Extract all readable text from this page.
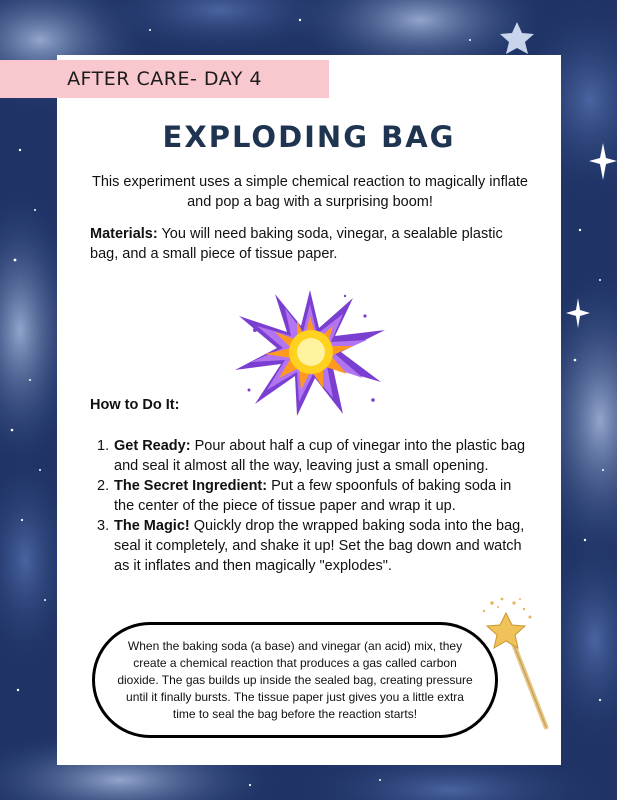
AFTER CARE- DAY 4
EXPLODING BAG
This experiment uses a simple chemical reaction to magically inflate and pop a bag with a surprising boom!
Materials: You will need baking soda, vinegar, a sealable plastic bag, and a small piece of tissue paper.
How to Do It:
1. Get Ready: Pour about half a cup of vinegar into the plastic bag and seal it almost all the way, leaving just a small opening.
2. The Secret Ingredient: Put a few spoonfuls of baking soda in the center of the piece of tissue paper and wrap it up.
3. The Magic! Quickly drop the wrapped baking soda into the bag, seal it completely, and shake it up! Set the bag down and watch as it inflates and then magically "explodes".

When the baking soda (a base) and vinegar (an acid) mix, they create a chemical reaction that produces a gas called carbon dioxide. The gas builds up inside the sealed bag, creating pressure until it finally bursts. The tissue paper just gives you a little extra time to seal the bag before the reaction starts!
